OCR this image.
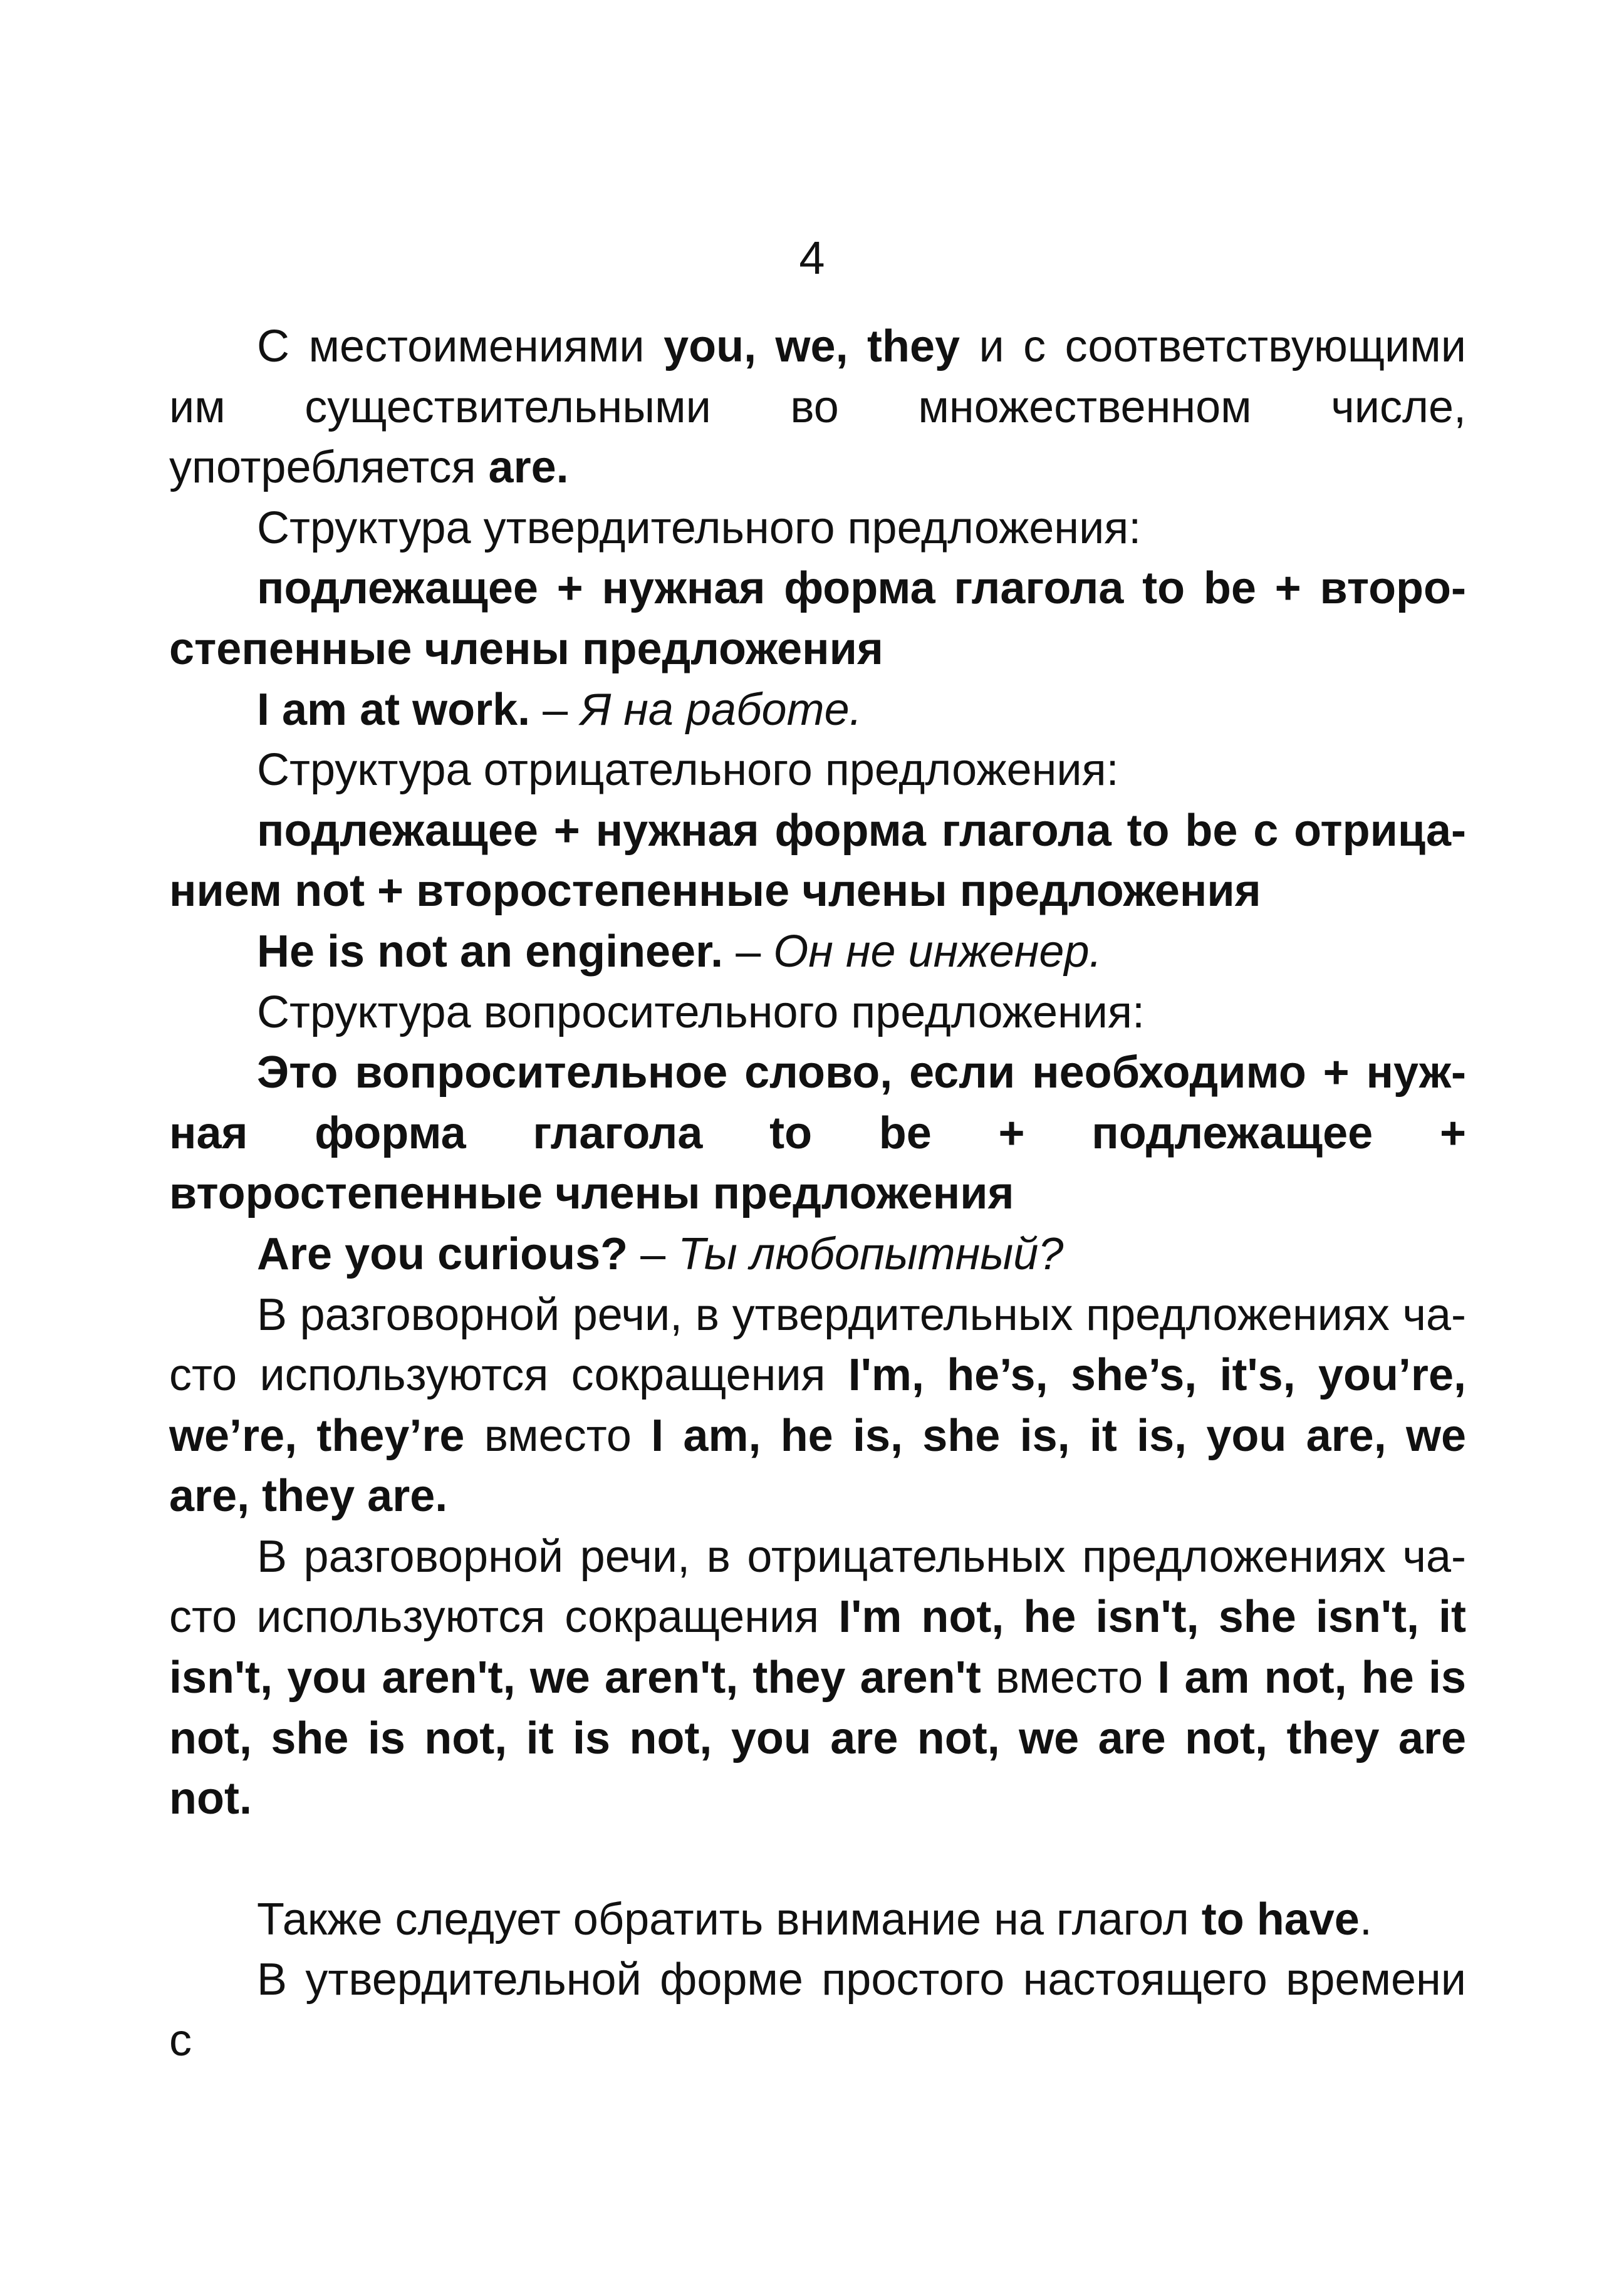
4

С местоимениями you, we, they и с соответствующими им существительными во множественном числе, употребляется are.

Структура утвердительного предложения:

подлежащее + нужная форма глагола to be + второстепенные члены предложения

I am at work. – Я на работе.

Структура отрицательного предложения:

подлежащее + нужная форма глагола to be с отрицанием not + второстепенные члены предложения

He is not an engineer. – Он не инженер.

Структура вопросительного предложения:

Это вопросительное слово, если необходимо + нужная форма глагола to be + подлежащее + второстепенные члены предложения

Are you curious? – Ты любопытный?

В разговорной речи, в утвердительных предложениях часто используются сокращения I'm, he’s, she’s, it's, you’re, we’re, they’re вместо I am, he is, she is, it is, you are, we are, they are.

В разговорной речи, в отрицательных предложениях часто используются сокращения I'm not, he isn't, she isn't, it isn't, you aren't, we aren't, they aren't вместо I am not, he is not, she is not, it is not, you are not, we are not, they are not.

Также следует обратить внимание на глагол to have.

В утвердительной форме простого настоящего времени с
